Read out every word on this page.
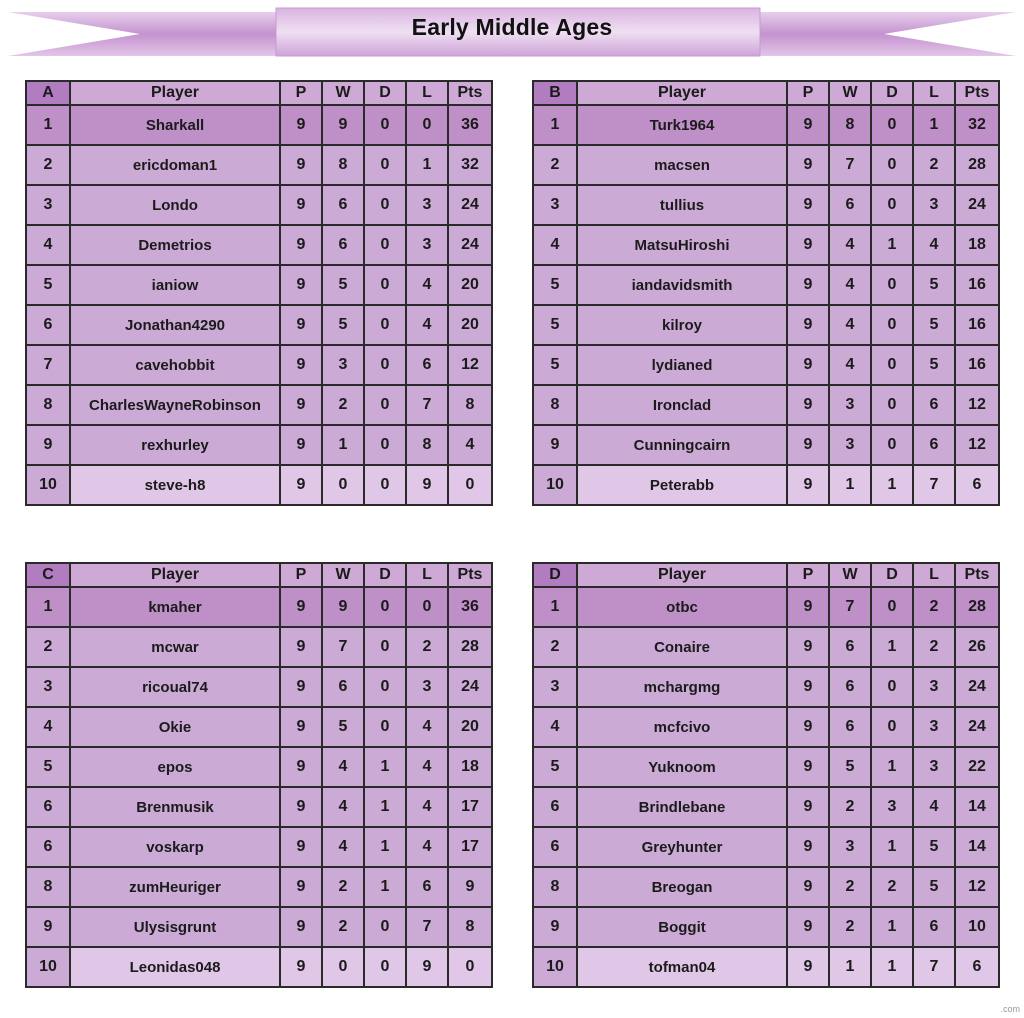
Early Middle Ages
A	Player	P	W	D	L	Pts
1	Sharkall	9	9	0	0	36
2	ericdoman1	9	8	0	1	32
3	Londo	9	6	0	3	24
4	Demetrios	9	6	0	3	24
5	ianiow	9	5	0	4	20
6	Jonathan4290	9	5	0	4	20
7	cavehobbit	9	3	0	6	12
8	CharlesWayneRobinson	9	2	0	7	8
9	rexhurley	9	1	0	8	4
10	steve-h8	9	0	0	9	0
B	Player	P	W	D	L	Pts
1	Turk1964	9	8	0	1	32
2	macsen	9	7	0	2	28
3	tullius	9	6	0	3	24
4	MatsuHiroshi	9	4	1	4	18
5	iandavidsmith	9	4	0	5	16
5	kilroy	9	4	0	5	16
5	lydianed	9	4	0	5	16
8	Ironclad	9	3	0	6	12
9	Cunningcairn	9	3	0	6	12
10	Peterabb	9	1	1	7	6
C	Player	P	W	D	L	Pts
1	kmaher	9	9	0	0	36
2	mcwar	9	7	0	2	28
3	ricoual74	9	6	0	3	24
4	Okie	9	5	0	4	20
5	epos	9	4	1	4	18
6	Brenmusik	9	4	1	4	17
6	voskarp	9	4	1	4	17
8	zumHeuriger	9	2	1	6	9
9	Ulysisgrunt	9	2	0	7	8
10	Leonidas048	9	0	0	9	0
D	Player	P	W	D	L	Pts
1	otbc	9	7	0	2	28
2	Conaire	9	6	1	2	26
3	mchargmg	9	6	0	3	24
4	mcfcivo	9	6	0	3	24
5	Yuknoom	9	5	1	3	22
6	Brindlebane	9	2	3	4	14
6	Greyhunter	9	3	1	5	14
8	Breogan	9	2	2	5	12
9	Boggit	9	2	1	6	10
10	tofman04	9	1	1	7	6
.com
